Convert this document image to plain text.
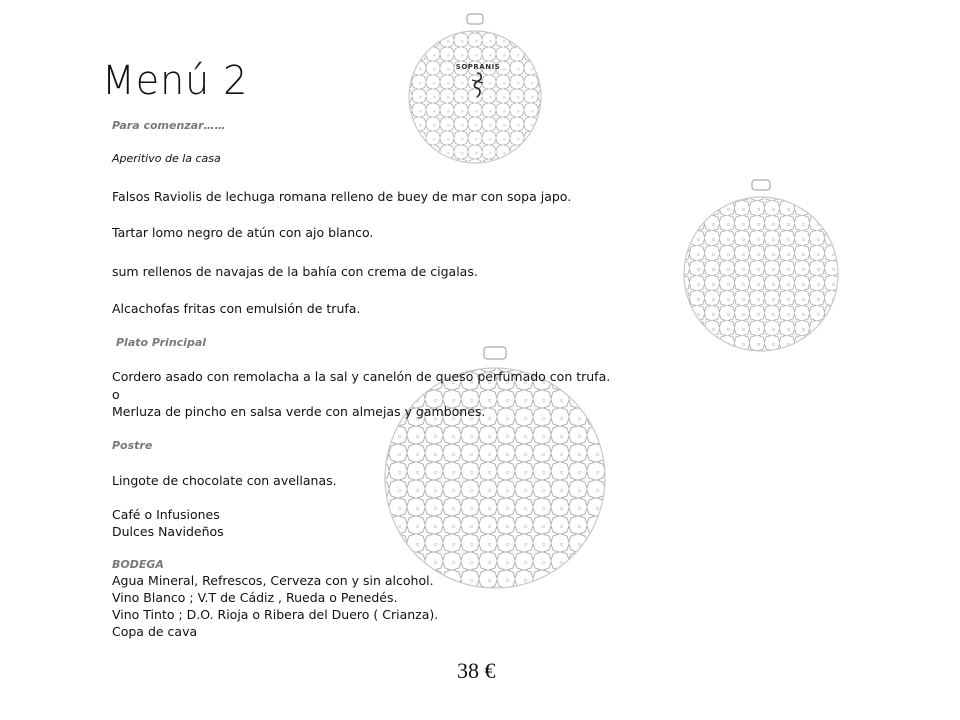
SOPRANIS
Menú 2
Para comenzar……
Aperitivo de la casa
Falsos Raviolis de lechuga romana relleno de buey de mar con sopa japo.
Tartar lomo negro de atún con ajo blanco.
sum rellenos de navajas de la bahía con crema de cigalas.
Alcachofas fritas con emulsión de trufa.
Plato Principal
Cordero asado con remolacha a la sal y canelón de queso perfumado con trufa.
o
Merluza de pincho en salsa verde con almejas y gambones.
Postre
Lingote de chocolate con avellanas.
Café o Infusiones
Dulces Navideños
BODEGA
Agua Mineral, Refrescos, Cerveza con y sin alcohol.
Vino Blanco ; V.T de Cádiz , Rueda o Penedés.
Vino Tinto ; D.O. Rioja o Ribera del Duero ( Crianza).
Copa de cava
38 €
